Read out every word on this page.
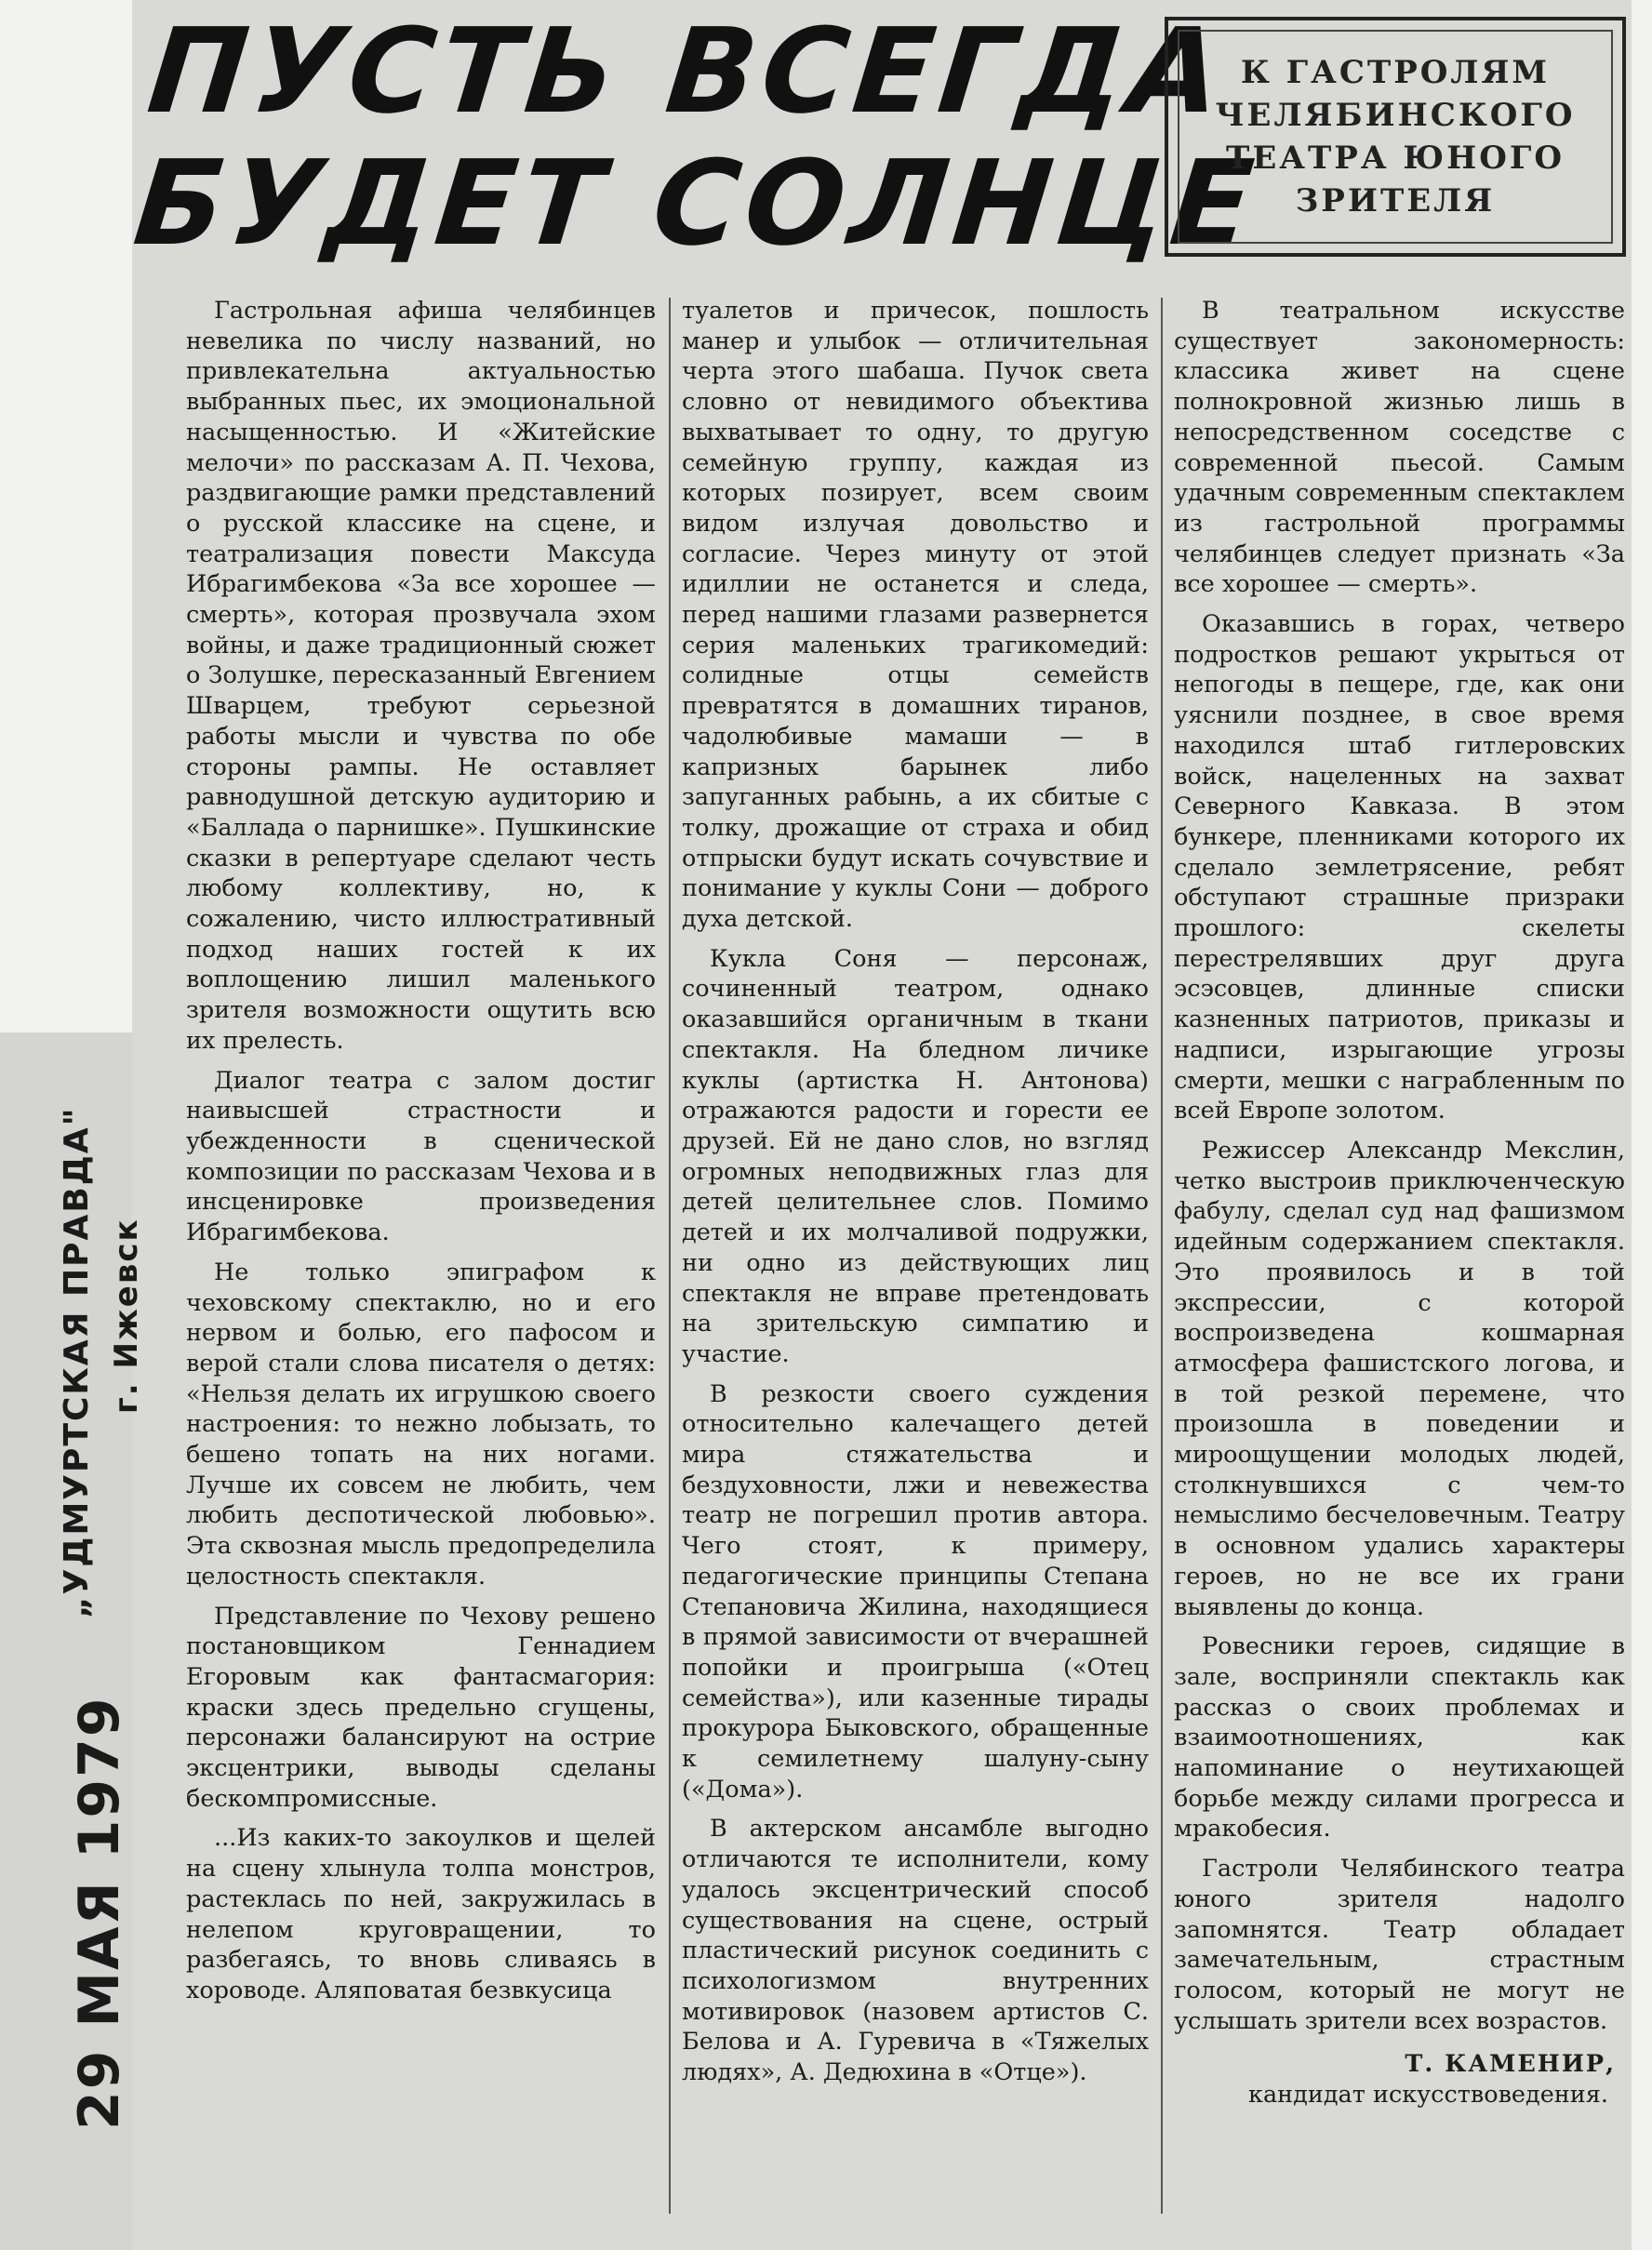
29 МАЯ 1979
„УДМУРТСКАЯ ПРАВДА" г. Ижевск
ПУСТЬ ВСЕГДА
БУДЕТ СОЛНЦЕ
К ГАСТРОЛЯМ
ЧЕЛЯБИНСКОГО
ТЕАТРА ЮНОГО
ЗРИТЕЛЯ

Гастрольная афиша челябинцев невелика по числу названий, но привлекательна актуальностью выбранных пьес, их эмоциональной насыщенностью. И «Житейские мелочи» по рассказам А. П. Чехова, раздвигающие рамки представлений о русской классике на сцене, и театрализация повести Максуда Ибрагимбекова «За все хорошее — смерть», которая прозвучала эхом войны, и даже традиционный сюжет о Золушке, пересказанный Евгением Шварцем, требуют серьезной работы мысли и чувства по обе стороны рампы. Не оставляет равнодушной детскую аудиторию и «Баллада о парнишке». Пушкинские сказки в репертуаре сделают честь любому коллективу, но, к сожалению, чисто иллюстративный подход наших гостей к их воплощению лишил маленького зрителя возможности ощутить всю их прелесть.

Диалог театра с залом достиг наивысшей страстности и убежденности в сценической композиции по рассказам Чехова и в инсценировке произведения Ибрагимбекова.

Не только эпиграфом к чеховскому спектаклю, но и его нервом и болью, его пафосом и верой стали слова писателя о детях: «Нельзя делать их игрушкою своего настроения: то нежно лобызать, то бешено топать на них ногами. Лучше их совсем не любить, чем любить деспотической любовью». Эта сквозная мысль предопределила целостность спектакля.

Представление по Чехову решено постановщиком Геннадием Егоровым как фантасмагория: краски здесь предельно сгущены, персонажи балансируют на острие эксцентрики, выводы сделаны бескомпромиссные.

...Из каких-то закоулков и щелей на сцену хлынула толпа монстров, растеклась по ней, закружилась в нелепом круговращении, то разбегаясь, то вновь сливаясь в хороводе. Аляповатая безвкусица

туалетов и причесок, пошлость манер и улыбок — отличительная черта этого шабаша. Пучок света словно от невидимого объектива выхватывает то одну, то другую семейную группу, каждая из которых позирует, всем своим видом излучая довольство и согласие. Через минуту от этой идиллии не останется и следа, перед нашими глазами развернется серия маленьких трагикомедий: солидные отцы семейств превратятся в домашних тиранов, чадолюбивые мамаши — в капризных барынек либо запуганных рабынь, а их сбитые с толку, дрожащие от страха и обид отпрыски будут искать сочувствие и понимание у куклы Сони — доброго духа детской.

Кукла Соня — персонаж, сочиненный театром, однако оказавшийся органичным в ткани спектакля. На бледном личике куклы (артистка Н. Антонова) отражаются радости и горести ее друзей. Ей не дано слов, но взгляд огромных неподвижных глаз для детей целительнее слов. Помимо детей и их молчаливой подружки, ни одно из действующих лиц спектакля не вправе претендовать на зрительскую симпатию и участие.

В резкости своего суждения относительно калечащего детей мира стяжательства и бездуховности, лжи и невежества театр не погрешил против автора. Чего стоят, к примеру, педагогические принципы Степана Степановича Жилина, находящиеся в прямой зависимости от вчерашней попойки и проигрыша («Отец семейства»), или казенные тирады прокурора Быковского, обращенные к семилетнему шалуну-сыну («Дома»).

В актерском ансамбле выгодно отличаются те исполнители, кому удалось эксцентрический способ существования на сцене, острый пластический рисунок соединить с психологизмом внутренних мотивировок (назовем артистов С. Белова и А. Гуревича в «Тяжелых людях», А. Дедюхина в «Отце»).

В театральном искусстве существует закономерность: классика живет на сцене полнокровной жизнью лишь в непосредственном соседстве с современной пьесой. Самым удачным современным спектаклем из гастрольной программы челябинцев следует признать «За все хорошее — смерть».

Оказавшись в горах, четверо подростков решают укрыться от непогоды в пещере, где, как они уяснили позднее, в свое время находился штаб гитлеровских войск, нацеленных на захват Северного Кавказа. В этом бункере, пленниками которого их сделало землетрясение, ребят обступают страшные призраки прошлого: скелеты перестрелявших друг друга эсэсовцев, длинные списки казненных патриотов, приказы и надписи, изрыгающие угрозы смерти, мешки с награбленным по всей Европе золотом.

Режиссер Александр Мекслин, четко выстроив приключенческую фабулу, сделал суд над фашизмом идейным содержанием спектакля. Это проявилось и в той экспрессии, с которой воспроизведена кошмарная атмосфера фашистского логова, и в той резкой перемене, что произошла в поведении и мироощущении молодых людей, столкнувшихся с чем-то немыслимо бесчеловечным. Театру в основном удались характеры героев, но не все их грани выявлены до конца.

Ровесники героев, сидящие в зале, восприняли спектакль как рассказ о своих проблемах и взаимоотношениях, как напоминание о неутихающей борьбе между силами прогресса и мракобесия.

Гастроли Челябинского театра юного зрителя надолго запомнятся. Театр обладает замечательным, страстным голосом, который не могут не услышать зрители всех возрастов.

Т. КАМЕНИР,
кандидат искусствоведения.
